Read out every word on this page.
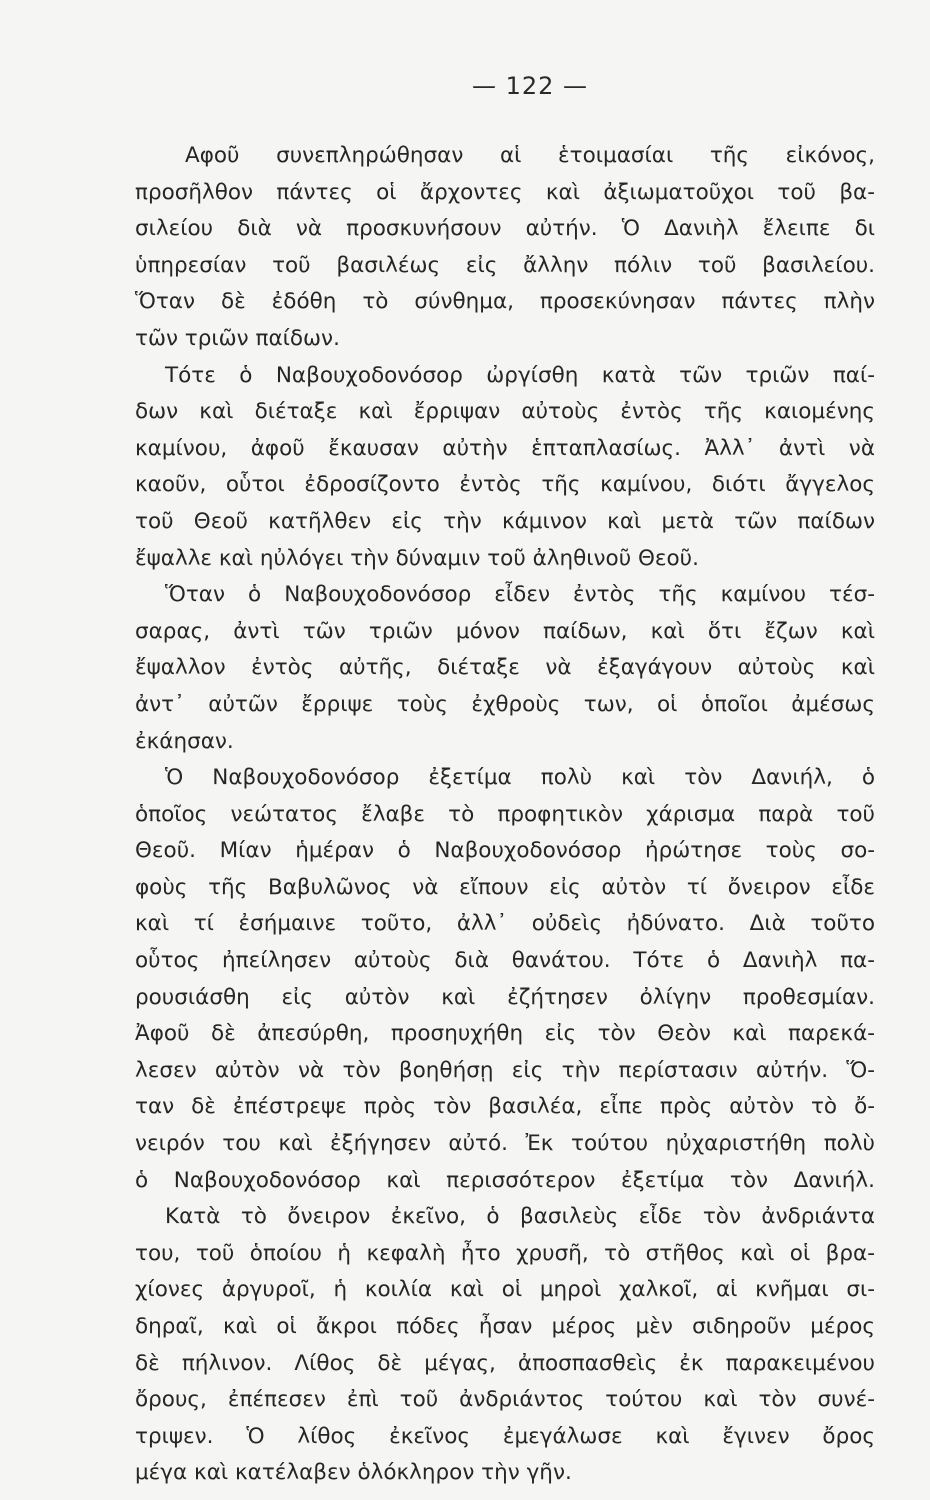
— 122 —
Αφοῦ συνεπληρώθησαν αἱ ἑτοιμασίαι τῆς εἰκόνος,
προσῆλθον πάντες οἱ ἄρχοντες καὶ ἀξιωματοῦχοι τοῦ βα-
σιλείου διὰ νὰ προσκυνήσουν αὐτήν. Ὁ Δανιὴλ ἔλειπε δι
ὑπηρεσίαν τοῦ βασιλέως εἰς ἄλλην πόλιν τοῦ βασιλείου.
Ὅταν δὲ ἐδόθη τὸ σύνθημα, προσεκύνησαν πάντες πλὴν
τῶν τριῶν παίδων.
Τότε ὁ Ναβουχοδονόσορ ὠργίσθη κατὰ τῶν τριῶν παί-
δων καὶ διέταξε καὶ ἔρριψαν αὐτοὺς ἐντὸς τῆς καιομένης
καμίνου, ἀφοῦ ἔκαυσαν αὐτὴν ἑπταπλασίως. Ἀλλ᾽ ἀντὶ νὰ
καοῦν, οὗτοι ἐδροσίζοντο ἐντὸς τῆς καμίνου, διότι ἄγγελος
τοῦ Θεοῦ κατῆλθεν εἰς τὴν κάμινον καὶ μετὰ τῶν παίδων
ἔψαλλε καὶ ηὐλόγει τὴν δύναμιν τοῦ ἀληθινοῦ Θεοῦ.
Ὅταν ὁ Ναβουχοδονόσορ εἶδεν ἐντὸς τῆς καμίνου τέσ-
σαρας, ἀντὶ τῶν τριῶν μόνον παίδων, καὶ ὅτι ἔζων καὶ
ἔψαλλον ἐντὸς αὐτῆς, διέταξε νὰ ἐξαγάγουν αὐτοὺς καὶ
ἀντ᾽ αὐτῶν ἔρριψε τοὺς ἐχθροὺς των, οἱ ὁποῖοι ἀμέσως
ἐκάησαν.
Ὁ Ναβουχοδονόσορ ἐξετίμα πολὺ καὶ τὸν Δανιήλ, ὁ
ὁποῖος νεώτατος ἔλαβε τὸ προφητικὸν χάρισμα παρὰ τοῦ
Θεοῦ. Μίαν ἡμέραν ὁ Ναβουχοδονόσορ ἠρώτησε τοὺς σο-
φοὺς τῆς Βαβυλῶνος νὰ εἴπουν εἰς αὐτὸν τί ὄνειρον εἶδε
καὶ τί ἐσήμαινε τοῦτο, ἀλλ᾽ οὐδεὶς ἠδύνατο. Διὰ τοῦτο
οὗτος ἠπείλησεν αὐτοὺς διὰ θανάτου. Τότε ὁ Δανιὴλ πα-
ρουσιάσθη εἰς αὐτὸν καὶ ἐζήτησεν ὀλίγην προθεσμίαν.
Ἀφοῦ δὲ ἀπεσύρθη, προσηυχήθη εἰς τὸν Θεὸν καὶ παρεκά-
λεσεν αὐτὸν νὰ τὸν βοηθήσῃ εἰς τὴν περίστασιν αὐτήν. Ὅ-
ταν δὲ ἐπέστρεψε πρὸς τὸν βασιλέα, εἶπε πρὸς αὐτὸν τὸ ὄ-
νειρόν του καὶ ἐξήγησεν αὐτό. Ἐκ τούτου ηὐχαριστήθη πολὺ
ὁ Ναβουχοδονόσορ καὶ περισσότερον ἐξετίμα τὸν Δανιήλ.
Κατὰ τὸ ὄνειρον ἐκεῖνο, ὁ βασιλεὺς εἶδε τὸν ἀνδριάντα
του, τοῦ ὁποίου ἡ κεφαλὴ ἦτο χρυσῆ, τὸ στῆθος καὶ οἱ βρα-
χίονες ἀργυροῖ, ἡ κοιλία καὶ οἱ μηροὶ χαλκοῖ, αἱ κνῆμαι σι-
δηραῖ, καὶ οἱ ἄκροι πόδες ἦσαν μέρος μὲν σιδηροῦν μέρος
δὲ πήλινον. Λίθος δὲ μέγας, ἀποσπασθεὶς ἐκ παρακειμένου
ὄρους, ἐπέπεσεν ἐπὶ τοῦ ἀνδριάντος τούτου καὶ τὸν συνέ-
τριψεν. Ὁ λίθος ἐκεῖνος ἐμεγάλωσε καὶ ἔγινεν ὄρος
μέγα καὶ κατέλαβεν ὁλόκληρον τὴν γῆν.
